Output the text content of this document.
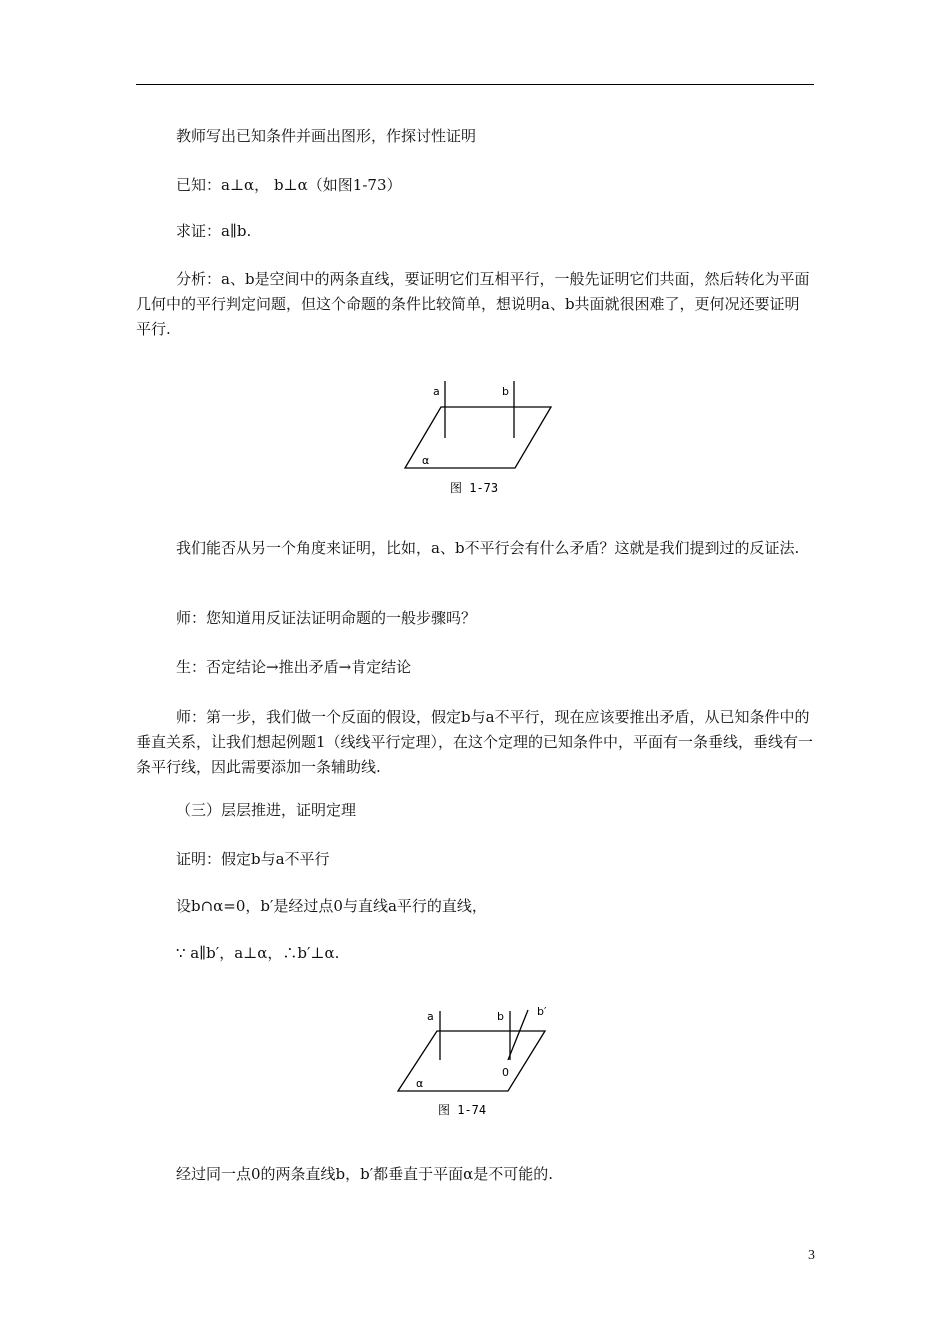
教师写出已知条件并画出图形，作探讨性证明

已知：a⊥α， b⊥α（如图1-73）

求证：a∥b.

分析：a、b是空间中的两条直线，要证明它们互相平行，一般先证明它们共面，然后转化为平面几何中的平行判定问题，但这个命题的条件比较简单，想说明a、b共面就很困难了，更何况还要证明平行.

a	b
α
图 1-73

我们能否从另一个角度来证明，比如，a、b不平行会有什么矛盾？这就是我们提到过的反证法.

师：您知道用反证法证明命题的一般步骤吗？

生：否定结论→推出矛盾→肯定结论

师：第一步，我们做一个反面的假设，假定b与a不平行，现在应该要推出矛盾，从已知条件中的垂直关系，让我们想起例题1（线线平行定理），在这个定理的已知条件中，平面有一条垂线，垂线有一条平行线，因此需要添加一条辅助线.

（三）层层推进，证明定理

证明：假定b与a不平行

设b∩α=0，b′是经过点0与直线a平行的直线，

∵ a∥b′，a⊥α，∴b′⊥α.

a	b	b′
0
α
图 1-74

经过同一点0的两条直线b，b′都垂直于平面α是不可能的.

3
